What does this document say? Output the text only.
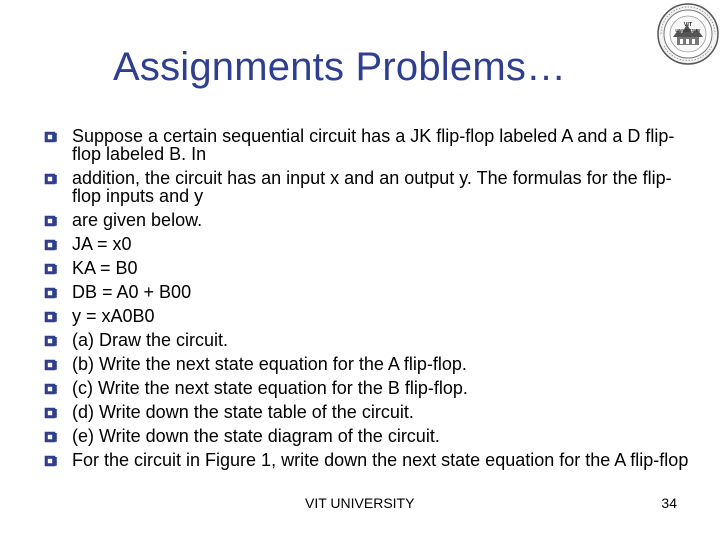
Assignments Problems…
VIT
UNIVERSITY
Suppose a certain sequential circuit has a JK flip-flop labeled A and a D flip-flop labeled B. In
addition, the circuit has an input x and an output y. The formulas for the flip-flop inputs and y
are given below.
JA = x0
KA = B0
DB = A0 + B00
y = xA0B0
(a) Draw the circuit.
(b) Write the next state equation for the A flip-flop.
(c) Write the next state equation for the B flip-flop.
(d) Write down the state table of the circuit.
(e) Write down the state diagram of the circuit.
For the circuit in Figure 1, write down the next state equation for the A flip-flop
VIT UNIVERSITY	34
